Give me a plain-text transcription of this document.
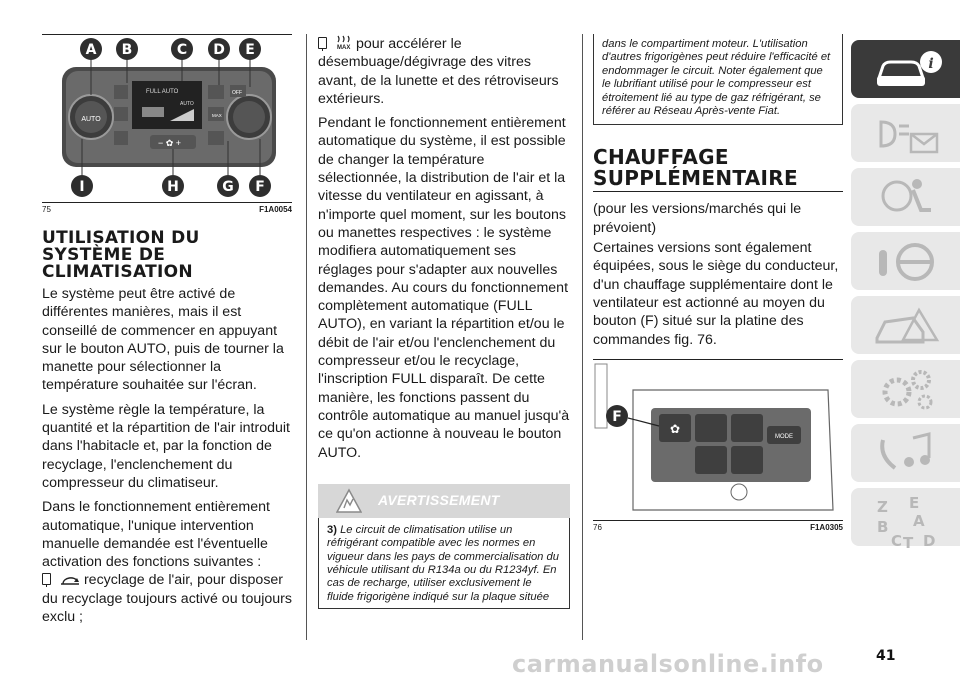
AUTO
FULL AUTO
AUTO
MAX
OFF
− ✿ +
A B	C D E
I	H	G F
75	F1A0054
UTILISATION DU SYSTÈME DE CLIMATISATION

Le système peut être activé de différentes manières, mais il est conseillé de commencer en appuyant sur le bouton AUTO, puis de tourner la manette pour sélectionner la température souhaitée sur l'écran.

Le système règle la température, la quantité et la répartition de l'air introduit dans l'habitacle et, par la fonction de recyclage, l'enclenchement du compresseur du climatiseur.

Dans le fonctionnement entièrement automatique, l'unique intervention manuelle demandée est l'éventuelle activation des fonctions suivantes :

recyclage de l'air, pour disposer du recyclage toujours activé ou toujours exclu ;

MAX pour accélérer le désembuage/dégivrage des vitres avant, de la lunette et des rétroviseurs extérieurs.

Pendant le fonctionnement entièrement automatique du système, il est possible de changer la température sélectionnée, la distribution de l'air et la vitesse du ventilateur en agissant, à n'importe quel moment, sur les boutons ou manettes respectives : le système modifiera automatiquement ses réglages pour s'adapter aux nouvelles demandes. Au cours du fonctionnement complètement automatique (FULL AUTO), en variant la répartition et/ou le débit de l'air et/ou l'enclenchement du compresseur et/ou le recyclage, l'inscription FULL disparaît. De cette manière, les fonctions passent du contrôle automatique au manuel jusqu'à ce qu'on actionne à nouveau le bouton AUTO.

AVERTISSEMENT
3) Le circuit de climatisation utilise un réfrigérant compatible avec les normes en vigueur dans les pays de commercialisation du véhicule utilisant du R134a ou du R1234yf. En cas de recharge, utiliser exclusivement le fluide frigorigène indiqué sur la plaque située
dans le compartiment moteur. L'utilisation d'autres frigorigènes peut réduire l'efficacité et endommager le circuit. Noter également que le lubrifiant utilisé pour le compresseur est étroitement lié au type de gaz réfrigérant, se référer au Réseau Après-vente Fiat.
CHAUFFAGE SUPPLÉMENTAIRE

(pour les versions/marchés qui le prévoient)

Certaines versions sont également équipées, sous le siège du conducteur, d'un chauffage supplémentaire dont le ventilateur est actionné au moyen du bouton (F) situé sur la platine des commandes fig. 76.

✿
MODE
F
76	F1A0305
i
Z E
A
B
C T D
carmanualsonline.info	41
